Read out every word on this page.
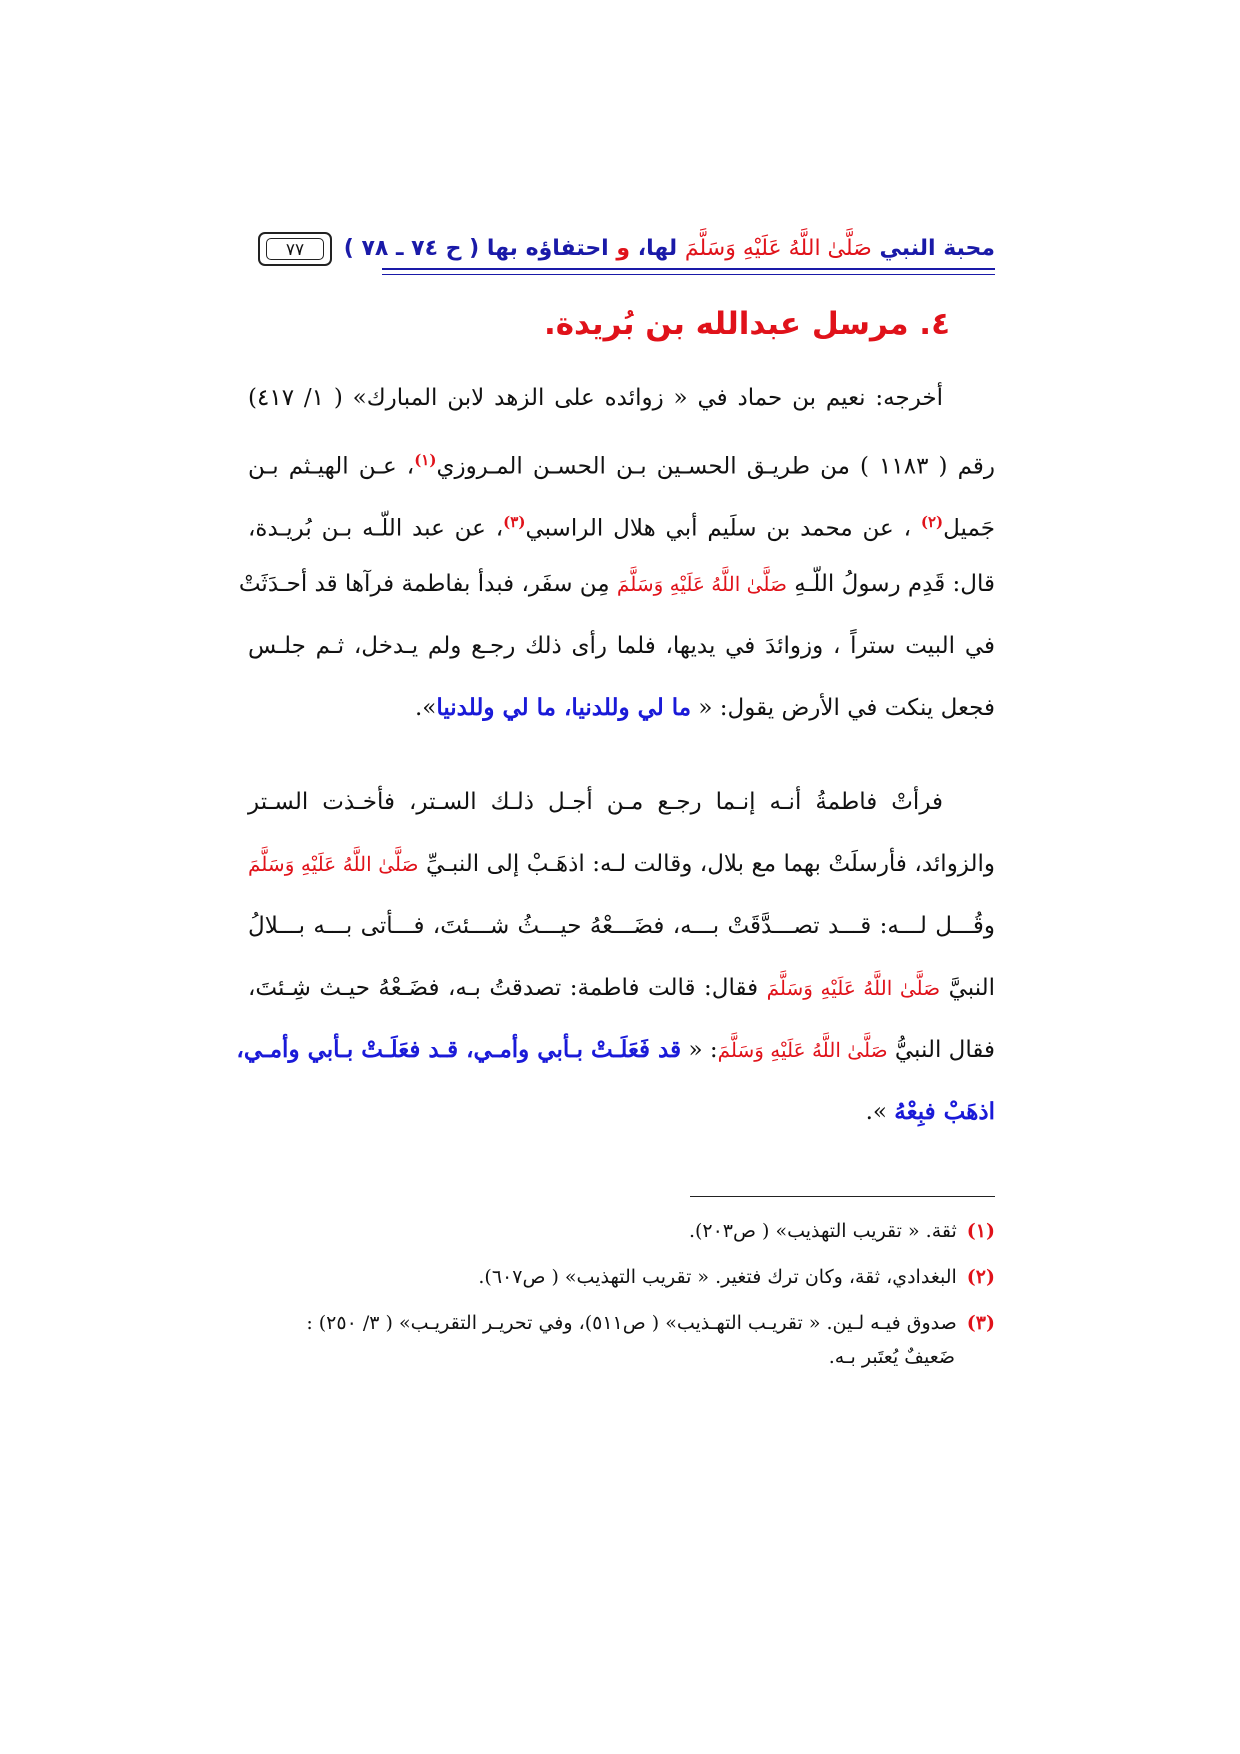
٧٧	محبة النبي صَلَّىٰ اللَّهُ عَلَيْهِ وَسَلَّمَ لها، و احتفاؤه بها ( ح ٧٤ ـ ٧٨ )
٤. مرسل عبدالله بن بُريدة.
أخرجه: نعيم بن حماد في « زوائده على الزهد لابن المبارك» ( ١/ ٤١٧)
رقم ( ١١٨٣ ) من طريـق الحسـين بـن الحسـن المـروزي$^{(١)}$، عـن الهيـثم بـن
جَميل$^{(٢)}$ ، عن محمد بن سلَيم أبي هلال الراسبي$^{(٣)}$، عن عبد اللّـه بـن بُريـدة،
قال: قَدِم رسولُ اللّـهِ صَلَّىٰ اللَّهُ عَلَيْهِ وَسَلَّمَ مِن سفَر، فبدأ بفاطمة فرآها قد أحـدَثَتْ
في البيت ستراً ، وزوائدَ في يديها، فلما رأى ذلك رجـع ولم يـدخل، ثـم جلـس
فجعل ينكت في الأرض يقول: « ما لي وللدنيا، ما لي وللدنيا».
فرأتْ فاطمةُ أنـه إنـما رجـع مـن أجـل ذلـك السـتر، فأخـذت السـتر
والزوائد، فأرسلَتْ بهما مع بلال، وقالت لـه: اذهَـبْ إلى النبـيِّ صَلَّىٰ اللَّهُ عَلَيْهِ وَسَلَّمَ
وقُـــل لـــه: قـــد تصـــدَّقَتْ بـــه، فضَـــعْهُ حيـــثُ شـــئتَ، فـــأتى بـــه بـــلالُ
النبيَّ صَلَّىٰ اللَّهُ عَلَيْهِ وَسَلَّمَ فقال: قالت فاطمة: تصدقتُ بـه، فضَـعْهُ حيـث شِـئتَ،
فقال النبيُّ صَلَّىٰ اللَّهُ عَلَيْهِ وَسَلَّمَ: « قد فَعَلَـتْ بـأبي وأمـي، قـد فعَلَـتْ بـأبي وأمـي،
اذهَبْ فبِعْهُ ».
(١)ثقة. « تقريب التهذيب» ( ص٢٠٣).
(٢)البغدادي، ثقة، وكان ترك فتغير. « تقريب التهذيب» ( ص٦٠٧).
(٣)صدوق فيـه لـين. « تقريـب التهـذيب» ( ص٥١١)، وفي تحريـر التقريـب» ( ٣/ ٢٥٠) :
ضَعيفٌ يُعتَبر بـه.
